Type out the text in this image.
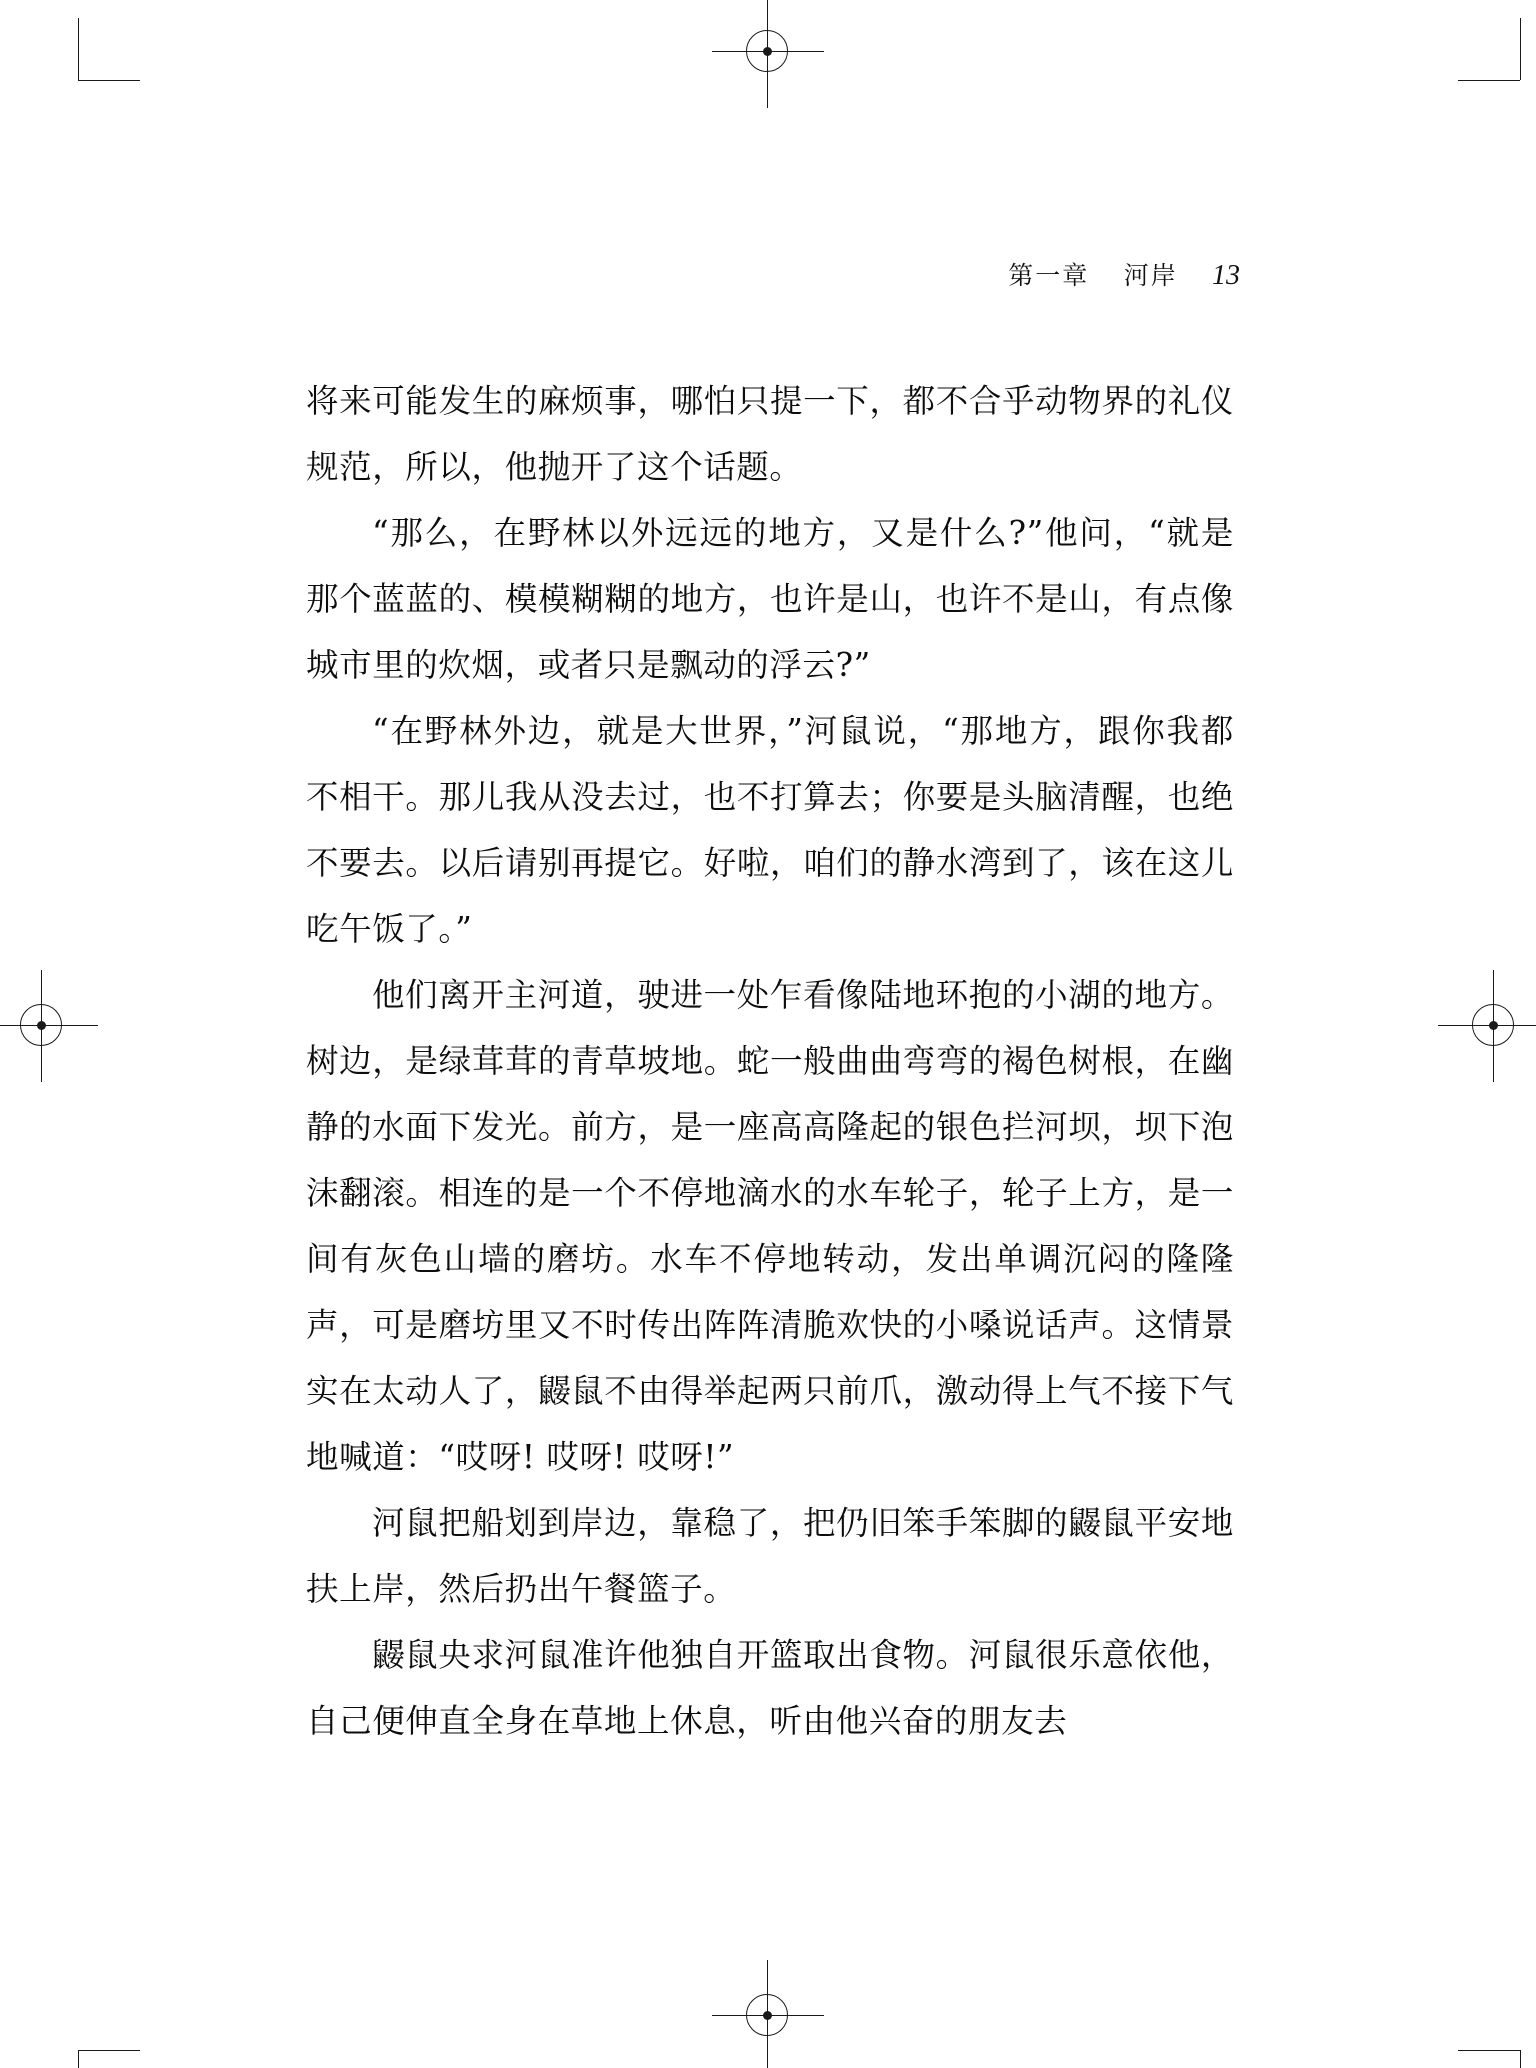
第一章 河岸 13

将来可能发生的麻烦事，哪怕只提一下，都不合乎动物界的礼仪规范，所以，他抛开了这个话题。

“那么，在野林以外远远的地方，又是什么?”他问，“就是那个蓝蓝的、模模糊糊的地方，也许是山，也许不是山，有点像城市里的炊烟，或者只是飘动的浮云?”

“在野林外边，就是大世界，”河鼠说，“那地方，跟你我都不相干。那儿我从没去过，也不打算去；你要是头脑清醒，也绝不要去。以后请别再提它。好啦，咱们的静水湾到了，该在这儿吃午饭了。”

他们离开主河道，驶进一处乍看像陆地环抱的小湖的地方。树边，是绿茸茸的青草坡地。蛇一般曲曲弯弯的褐色树根，在幽静的水面下发光。前方，是一座高高隆起的银色拦河坝，坝下泡沫翻滚。相连的是一个不停地滴水的水车轮子，轮子上方，是一间有灰色山墙的磨坊。水车不停地转动，发出单调沉闷的隆隆声，可是磨坊里又不时传出阵阵清脆欢快的小嗓说话声。这情景实在太动人了，鼹鼠不由得举起两只前爪，激动得上气不接下气地喊道：“哎呀! 哎呀! 哎呀!”

河鼠把船划到岸边，靠稳了，把仍旧笨手笨脚的鼹鼠平安地扶上岸，然后扔出午餐篮子。

鼹鼠央求河鼠准许他独自开篮取出食物。河鼠很乐意依他，自己便伸直全身在草地上休息，听由他兴奋的朋友去
